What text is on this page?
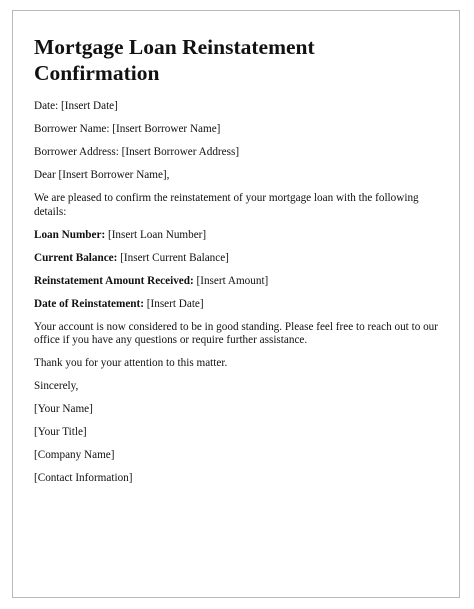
Mortgage Loan Reinstatement Confirmation

Date: [Insert Date]

Borrower Name: [Insert Borrower Name]

Borrower Address: [Insert Borrower Address]

Dear [Insert Borrower Name],

We are pleased to confirm the reinstatement of your mortgage loan with the following details:

Loan Number: [Insert Loan Number]

Current Balance: [Insert Current Balance]

Reinstatement Amount Received: [Insert Amount]

Date of Reinstatement: [Insert Date]

Your account is now considered to be in good standing. Please feel free to reach out to our office if you have any questions or require further assistance.

Thank you for your attention to this matter.

Sincerely,

[Your Name]

[Your Title]

[Company Name]

[Contact Information]
